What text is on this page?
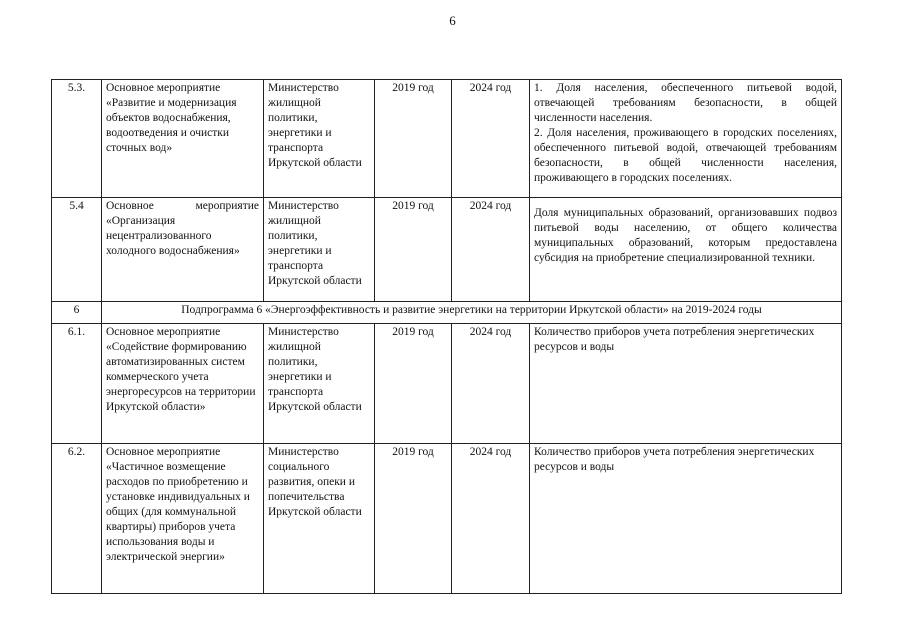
6
5.3.	Основное мероприятие «Развитие и модернизация объектов водоснабжения, водоотведения и очистки сточных вод»	Министерство жилищной политики, энергетики и транспорта Иркутской области	2019 год	2024 год	1. Доля населения, обеспеченного питьевой водой, отвечающей требованиям безопасности, в общей численности населения.
2. Доля населения, проживающего в городских поселениях, обеспеченного питьевой водой, отвечающей требованиям безопасности, в общей численности населения, проживающего в городских поселениях.

5.4	Основное мероприятие «Организация нецентрализованного холодного водоснабжения»	Министерство жилищной политики, энергетики и транспорта Иркутской области	2019 год	2024 год	Доля муниципальных образований, организовавших подвоз питьевой воды населению, от общего количества муниципальных образований, которым предоставлена субсидия на приобретение специализированной техники.

6	Подпрограмма 6 «Энергоэффективность и развитие энергетики на территории Иркутской области» на 2019-2024 годы				
6.1.	Основное мероприятие «Содействие формированию автоматизированных систем коммерческого учета энергоресурсов на территории Иркутской области»	Министерство жилищной политики, энергетики и транспорта Иркутской области	2019 год	2024 год	Количество приборов учета потребления энергетических ресурсов и воды

6.2.	Основное мероприятие «Частичное возмещение расходов по приобретению и установке индивидуальных и общих (для коммунальной квартиры) приборов учета использования воды и электрической энергии»	Министерство социального развития, опеки и попечительства Иркутской области	2019 год	2024 год	Количество приборов учета потребления энергетических ресурсов и воды
